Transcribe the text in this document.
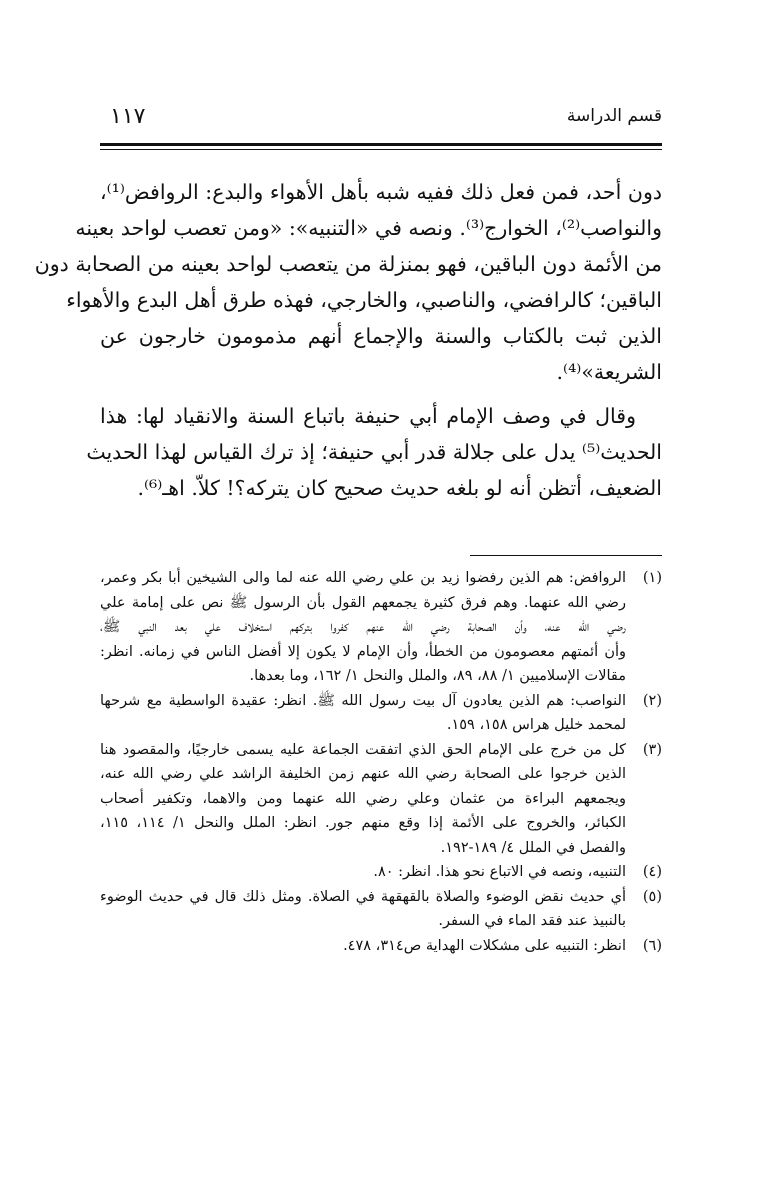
١١٧	قسم الدراسة
دون أحد، فمن فعل ذلك ففيه شبه بأهل الأهواء والبدع: الروافض⁽¹⁾،
والنواصب⁽²⁾، الخوارج⁽³⁾. ونصه في «التنبيه»: «ومن تعصب لواحد بعينه
من الأئمة دون الباقين، فهو بمنزلة من يتعصب لواحد بعينه من الصحابة دون
الباقين؛ كالرافضي، والناصبي، والخارجي، فهذه طرق أهل البدع والأهواء
الذين ثبت بالكتاب والسنة والإجماع أنهم مذمومون خارجون عن
الشريعة»⁽⁴⁾.
وقال في وصف الإمام أبي حنيفة باتباع السنة والانقياد لها: هذا
الحديث⁽⁵⁾ يدل على جلالة قدر أبي حنيفة؛ إذ ترك القياس لهذا الحديث
الضعيف، أتظن أنه لو بلغه حديث صحيح كان يتركه؟! كلاّ. اهـ⁽⁶⁾.
(١)
الروافض: هم الذين رفضوا زيد بن علي رضي الله عنه لما والى الشيخين أبا بكر وعمر،
رضي الله عنهما. وهم فرق كثيرة يجمعهم القول بأن الرسول ﷺ نص على إمامة علي
رضي الله عنه، وأن الصحابة رضي الله عنهم كفروا بتركهم استخلاف علي بعد النبي ﷺ،
وأن أئمتهم معصومون من الخطأ، وأن الإمام لا يكون إلا أفضل الناس في زمانه. انظر:
مقالات الإسلاميين ١/ ٨٨، ٨٩، والملل والنحل ١/ ١٦٢، وما بعدها.
(٢)
النواصب: هم الذين يعادون آل بيت رسول الله ﷺ. انظر: عقيدة الواسطية مع شرحها
لمحمد خليل هراس ١٥٨، ١٥٩.
(٣)
كل من خرج على الإمام الحق الذي اتفقت الجماعة عليه يسمى خارجيًا، والمقصود هنا
الذين خرجوا على الصحابة رضي الله عنهم زمن الخليفة الراشد علي رضي الله عنه،
ويجمعهم البراءة من عثمان وعلي رضي الله عنهما ومن والاهما، وتكفير أصحاب
الكبائر، والخروج على الأئمة إذا وقع منهم جور. انظر: الملل والنحل ١/ ١١٤، ١١٥،
والفصل في الملل ٤/ ١٨٩-١٩٢.
(٤)
التنبيه، ونصه في الاتباع نحو هذا. انظر: ٨٠.
(٥)
أي حديث نقض الوضوء والصلاة بالقهقهة في الصلاة. ومثل ذلك قال في حديث الوضوء
بالنبيذ عند فقد الماء في السفر.
(٦)
انظر: التنبيه على مشكلات الهداية ص٣١٤، ٤٧٨.
